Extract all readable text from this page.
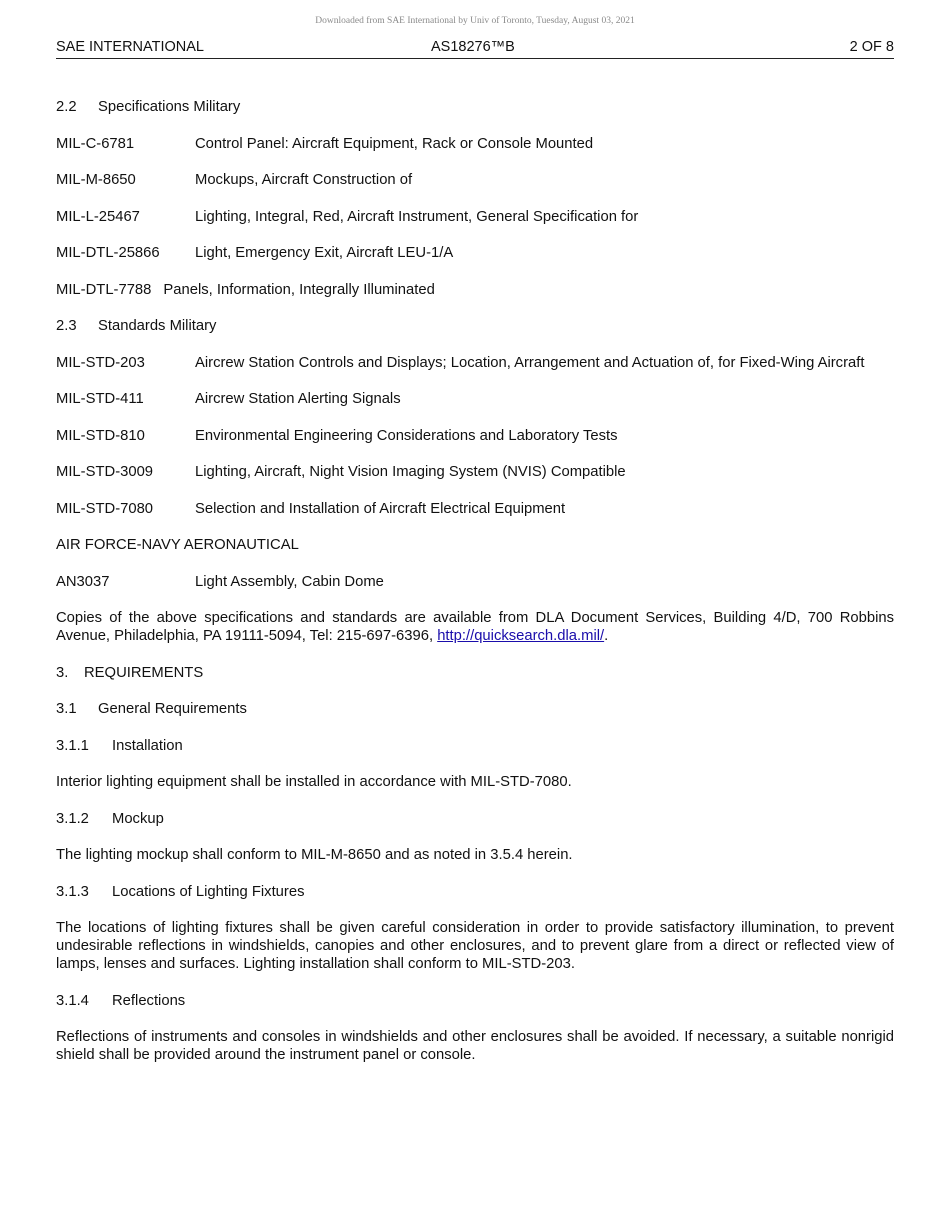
Downloaded from SAE International by Univ of Toronto, Tuesday, August 03, 2021
SAE INTERNATIONAL	AS18276™B	2 OF 8
2.2 Specifications Military
MIL-C-6781	Control Panel: Aircraft Equipment, Rack or Console Mounted
MIL-M-8650	Mockups, Aircraft Construction of
MIL-L-25467	Lighting, Integral, Red, Aircraft Instrument, General Specification for
MIL-DTL-25866	Light, Emergency Exit, Aircraft LEU-1/A
MIL-DTL-7788 Panels, Information, Integrally Illuminated
2.3 Standards Military
MIL-STD-203	Aircrew Station Controls and Displays; Location, Arrangement and Actuation of, for Fixed-Wing Aircraft
MIL-STD-411	Aircrew Station Alerting Signals
MIL-STD-810	Environmental Engineering Considerations and Laboratory Tests
MIL-STD-3009	Lighting, Aircraft, Night Vision Imaging System (NVIS) Compatible
MIL-STD-7080	Selection and Installation of Aircraft Electrical Equipment
AIR FORCE-NAVY AERONAUTICAL
AN3037	Light Assembly, Cabin Dome
Copies of the above specifications and standards are available from DLA Document Services, Building 4/D, 700 Robbins Avenue, Philadelphia, PA 19111-5094, Tel: 215-697-6396, http://quicksearch.dla.mil/.
3. REQUIREMENTS
3.1 General Requirements
3.1.1 Installation
Interior lighting equipment shall be installed in accordance with MIL-STD-7080.
3.1.2 Mockup
The lighting mockup shall conform to MIL-M-8650 and as noted in 3.5.4 herein.
3.1.3 Locations of Lighting Fixtures
The locations of lighting fixtures shall be given careful consideration in order to provide satisfactory illumination, to prevent undesirable reflections in windshields, canopies and other enclosures, and to prevent glare from a direct or reflected view of lamps, lenses and surfaces. Lighting installation shall conform to MIL-STD-203.
3.1.4 Reflections
Reflections of instruments and consoles in windshields and other enclosures shall be avoided. If necessary, a suitable nonrigid shield shall be provided around the instrument panel or console.
